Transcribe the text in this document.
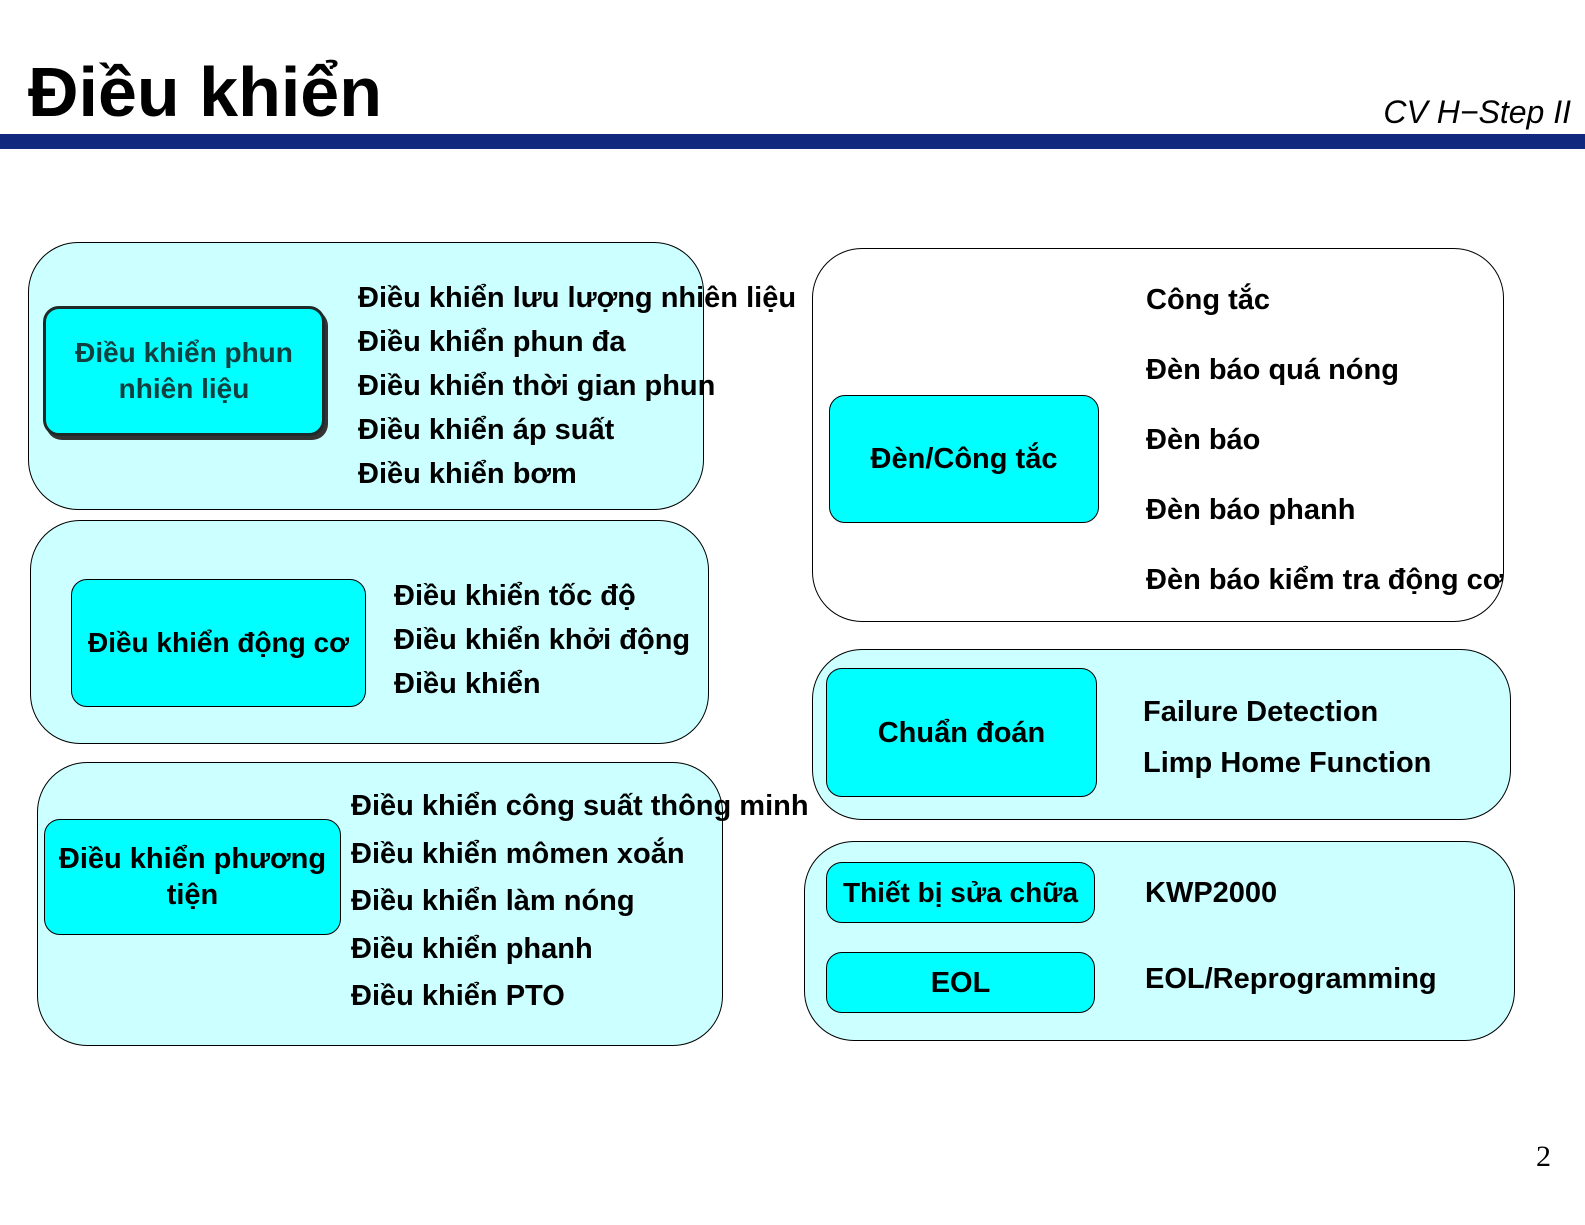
Điều khiển	CV H−Step II
Điều khiển phun
nhiên liệu
Điều khiển lưu lượng nhiên liệu
Điều khiển phun đa
Điều khiển thời gian phun
Điều khiển áp suất
Điều khiển bơm
Điều khiển động cơ
Điều khiển tốc độ
Điều khiển khởi động
Điều khiển
Điều khiển phương
tiện
Điều khiển công suất thông minh
Điều khiển mômen xoắn
Điều khiển làm nóng
Điều khiển phanh
Điều khiển PTO
Đèn/Công tắc
Công tắc
Đèn báo quá nóng
Đèn báo
Đèn báo phanh
Đèn báo kiểm tra động cơ
Chuẩn đoán
Failure Detection
Limp Home Function
Thiết bị sửa chữa
EOL
KWP2000
EOL/Reprogramming
2
